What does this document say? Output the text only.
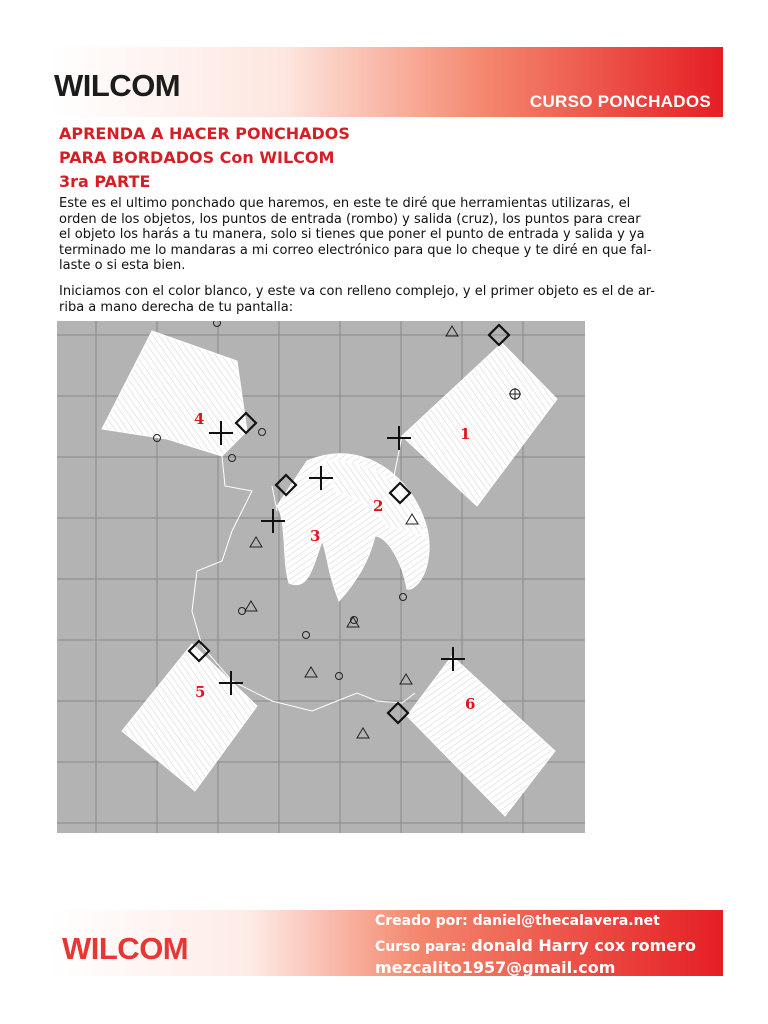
WILCOM	CURSO PONCHADOS
APRENDA A HACER PONCHADOS
PARA BORDADOS Con WILCOM
3ra PARTE
Este es el ultimo ponchado que haremos, en este te diré que herramientas utilizaras, el
orden de los objetos, los puntos de entrada (rombo) y salida (cruz), los puntos para crear
el objeto los harás a tu manera, solo si tienes que poner el punto de entrada y salida y ya
terminado me lo mandaras a mi correo electrónico para que lo cheque y te diré en que fal-
laste o si esta bien.
Iniciamos con el color blanco, y este va con relleno complejo, y el primer objeto es el de ar-
riba a mano derecha de tu pantalla:
1
2
3
4
5
6
WILCOM
Creado por: daniel@thecalavera.net
Curso para: donald Harry cox romero
mezcalito1957@gmail.com
